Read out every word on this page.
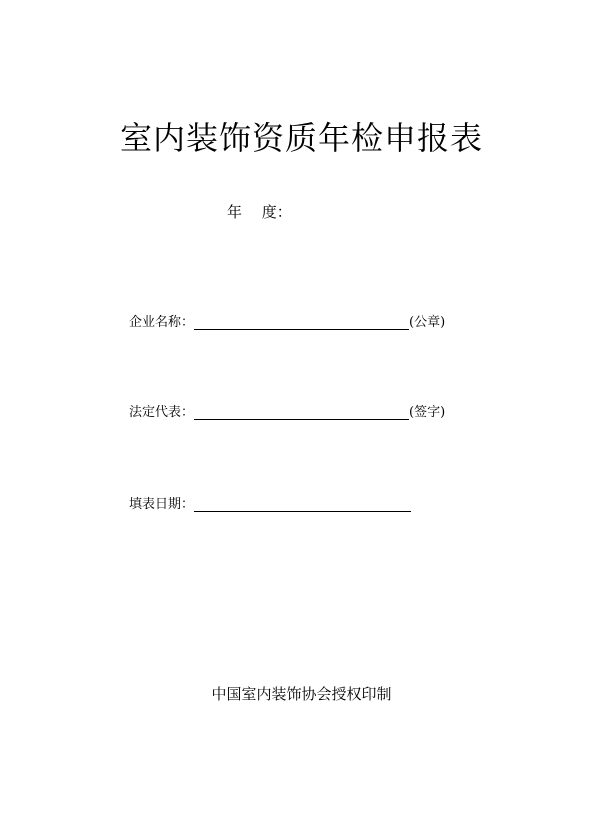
室内装饰资质年检申报表
年　 度：
企业名称：	(公章)
法定代表：	(签字)
填表日期：
中国室内装饰协会授权印制
